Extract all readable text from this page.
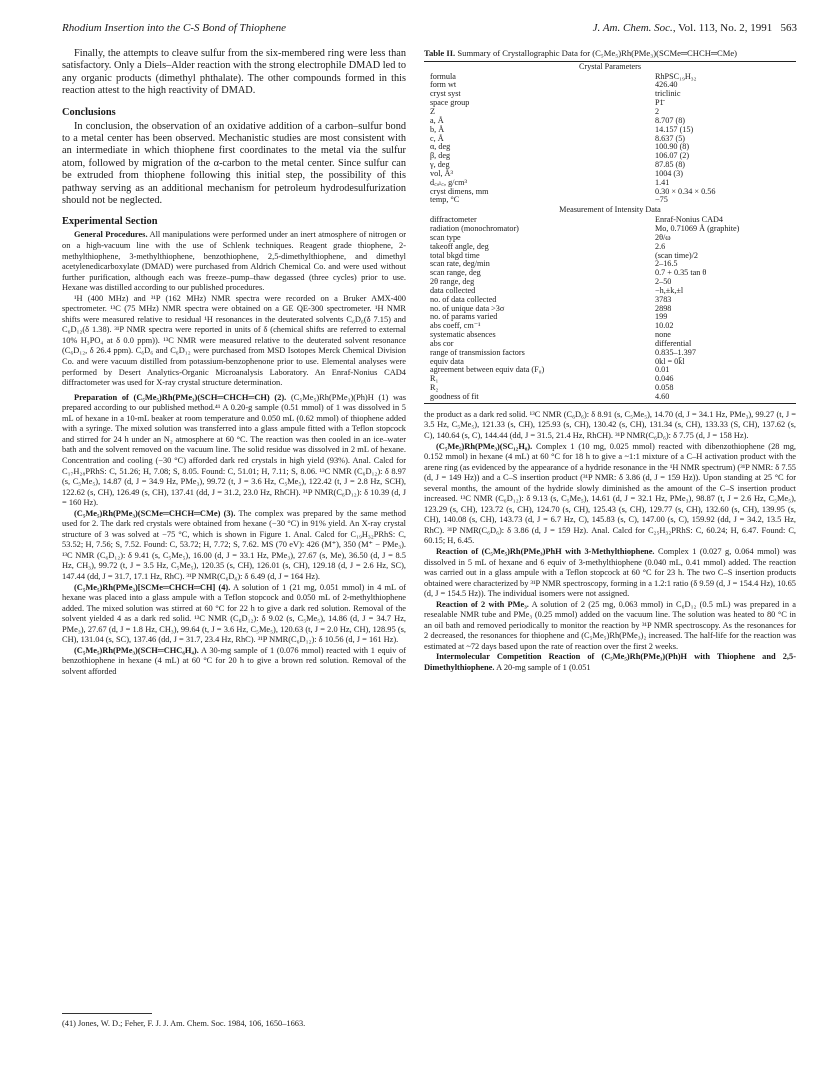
Rhodium Insertion into the C-S Bond of Thiophene	J. Am. Chem. Soc., Vol. 113, No. 2, 1991 563

Finally, the attempts to cleave sulfur from the six-membered ring were less than satisfactory. Only a Diels–Alder reaction with the strong electrophile DMAD led to any organic products (dimethyl phthalate). The other compounds formed in this reaction attest to the high reactivity of DMAD.

Conclusions

In conclusion, the observation of an oxidative addition of a carbon–sulfur bond to a metal center has been observed. Mechanistic studies are most consistent with an intermediate in which thiophene first coordinates to the metal via the sulfur atom, followed by migration of the α-carbon to the metal center. Since sulfur can be extruded from thiophene following this initial step, the possibility of this pathway serving as an additional mechanism for petroleum hydrodesulfurization should not be neglected.

Experimental Section

General Procedures. All manipulations were performed under an inert atmosphere of nitrogen or on a high-vacuum line with the use of Schlenk techniques. Reagent grade thiophene, 2-methylthiophene, 3-methylthiophene, benzothiophene, 2,5-dimethylthiophene, and dimethyl acetylenedicarboxylate (DMAD) were purchased from Aldrich Chemical Co. and were used without further purification, although each was freeze–pump–thaw degassed (three cycles) prior to use. Hexane was distilled according to our published procedures.

¹H (400 MHz) and ³¹P (162 MHz) NMR spectra were recorded on a Bruker AMX-400 spectrometer. ¹³C (75 MHz) NMR spectra were obtained on a GE QE-300 spectrometer. ¹H NMR shifts were measured relative to residual ¹H resonances in the deuterated solvents C₆D₆(δ 7.15) and C₆D₁₂(δ 1.38). ³¹P NMR spectra were reported in units of δ (chemical shifts are referred to external 10% H₃PO₄ at δ 0.0 ppm)). ¹³C NMR were measured relative to the deuterated solvent resonance (C₆D₁₂, δ 26.4 ppm). C₆D₆ and C₆D₁₂ were purchased from MSD Isotopes Merck Chemical Division Co. and were vacuum distilled from potassium-benzophenone prior to use. Elemental analyses were performed by Desert Analytics-Organic Microanalysis Laboratory. An Enraf-Nonius CAD4 diffractometer was used for X-ray crystal structure determination.

Preparation of (C₅Me₅)Rh(PMe₃)(SCH═CHCH═CH) (2). (C₅Me₅)Rh(PMe₃)(Ph)H (1) was prepared according to our published method.⁴¹ A 0.20-g sample (0.51 mmol) of 1 was dissolved in 5 mL of hexane in a 10-mL beaker at room temperature and 0.050 mL (0.62 mmol) of thiophene added with a syringe. The mixed solution was transferred into a glass ampule fitted with a Teflon stopcock and stirred for 24 h under an N₂ atmosphere at 60 °C. The reaction was then cooled in an ice–water bath and the solvent removed on the vacuum line. The solid residue was dissolved in 2 mL of hexane. Concentration and cooling (−30 °C) afforded dark red crystals in high yield (93%). Anal. Calcd for C₁₇H₂₈PRhS: C, 51.26; H, 7.08; S, 8.05. Found: C, 51.01; H, 7.11; S, 8.06. ¹³C NMR (C₆D₁₂): δ 8.97 (s, C₅Me₅), 14.87 (d, J = 34.9 Hz, PMe₃), 99.72 (t, J = 3.6 Hz, C₅Me₅), 122.42 (t, J = 2.8 Hz, SCH), 122.62 (s, CH), 126.49 (s, CH), 137.41 (dd, J = 31.2, 23.0 Hz, RhCH). ³¹P NMR(C₆D₁₂): δ 10.39 (d, J = 160 Hz).

(C₅Me₅)Rh(PMe₃)(SCMe═CHCH═CMe) (3). The complex was prepared by the same method used for 2. The dark red crystals were obtained from hexane (−30 °C) in 91% yield. An X-ray crystal structure of 3 was solved at −75 °C, which is shown in Figure 1. Anal. Calcd for C₁₉H₃₂PRhS: C, 53.52; H, 7.56; S, 7.52. Found: C, 53.72; H, 7.72; S, 7.62. MS (70 eV): 426 (M⁺), 350 (M⁺ − PMe₃). ¹³C NMR (C₆D₁₂): δ 9.41 (s, C₅Me₅), 16.00 (d, J = 33.1 Hz, PMe₃), 27.67 (s, Me), 36.50 (d, J = 8.5 Hz, CH₃), 99.72 (t, J = 3.5 Hz, C₅Me₅), 120.35 (s, CH), 126.01 (s, CH), 129.18 (d, J = 2.6 Hz, SC), 147.44 (dd, J = 31.7, 17.1 Hz, RhC). ³¹P NMR(C₆D₆): δ 6.49 (d, J = 164 Hz).

(C₅Me₅)Rh(PMe₃)[SCMe═CHCH═CH] (4). A solution of 1 (21 mg, 0.051 mmol) in 4 mL of hexane was placed into a glass ampule with a Teflon stopcock and 0.050 mL of 2-methylthiophene added. The mixed solution was stirred at 60 °C for 22 h to give a dark red solution. Removal of the solvent yielded 4 as a dark red solid. ¹³C NMR (C₆D₁₂): δ 9.02 (s, C₅Me₅), 14.86 (d, J = 34.7 Hz, PMe₃), 27.67 (d, J = 1.8 Hz, CH₃), 99.64 (t, J = 3.6 Hz, C₅Me₅), 120.63 (t, J = 2.0 Hz, CH), 128.95 (s, CH), 131.04 (s, SC), 137.46 (dd, J = 31.7, 23.4 Hz, RhC). ³¹P NMR(C₆D₁₂): δ 10.56 (d, J = 161 Hz).

(C₅Me₅)Rh(PMe₃)(SCH═CHC₆H₄). A 30-mg sample of 1 (0.076 mmol) reacted with 1 equiv of benzothiophene in hexane (4 mL) at 60 °C for 20 h to give a brown red solution. Removal of the solvent afforded

(41) Jones, W. D.; Feher, F. J. J. Am. Chem. Soc. 1984, 106, 1650–1663.

Table II. Summary of Crystallographic Data for (C₅Me₅)Rh(PMe₃)(SCMe═CHCH═CMe)

Crystal Parameters	
formula	RhPSC₁₉H₃₂
form wt	426.40
cryst syst	triclinic
space group	P1̄
Z	2
a, Å	8.707 (8)
b, Å	14.157 (15)
c, Å	8.637 (5)
α, deg	100.90 (8)
β, deg	106.07 (2)
γ, deg	87.85 (8)
vol, Å³	1004 (3)
d꜀ₐₗ꜀, g/cm³	1.41
cryst dimens, mm	0.30 × 0.34 × 0.56
temp, °C	−75
Measurement of Intensity Data	
diffractometer	Enraf-Nonius CAD4
radiation (monochromator)	Mo, 0.71069 Å (graphite)
scan type	2θ/ω
takeoff angle, deg	2.6
total bkgd time	(scan time)/2
scan rate, deg/min	2–16.5
scan range, deg	0.7 + 0.35 tan θ
2θ range, deg	2–50
data collected	−h,±k,±l
no. of data collected	3783
no. of unique data >3σ	2898
no. of params varied	199
abs coeff, cm⁻¹	10.02
systematic absences	none
abs cor	differential
range of transmission factors	0.835–1.397
equiv data	0kl = 0k̄l
agreement between equiv data (F₀)	0.01
R₁	0.046
R₂	0.058
goodness of fit	4.60

the product as a dark red solid. ¹³C NMR (C₆D₆): δ 8.91 (s, C₅Me₅), 14.70 (d, J = 34.1 Hz, PMe₃), 99.27 (t, J = 3.5 Hz, C₅Me₅), 121.33 (s, CH), 125.93 (s, CH), 130.42 (s, CH), 131.34 (s, CH), 133.33 (S, CH), 137.62 (s, C), 140.64 (s, C), 144.44 (dd, J = 31.5, 21.4 Hz, RhCH). ³¹P NMR(C₆D₆): δ 7.75 (d, J = 158 Hz).

(C₅Me₅)Rh(PMe₃)(SC₁₂H₈). Complex 1 (10 mg, 0.025 mmol) reacted with dibenzothiophene (28 mg, 0.152 mmol) in hexane (4 mL) at 60 °C for 18 h to give a ~1:1 mixture of a C–H activation product with the arene ring (as evidenced by the appearance of a hydride resonance in the ¹H NMR spectrum) (³¹P NMR: δ 7.55 (d, J = 149 Hz)) and a C–S insertion product (³¹P NMR: δ 3.86 (d, J = 159 Hz)). Upon standing at 25 °C for several months, the amount of the hydride slowly diminished as the amount of the C–S insertion product increased. ¹³C NMR (C₆D₁₂): δ 9.13 (s, C₅Me₅), 14.61 (d, J = 32.1 Hz, PMe₃), 98.87 (t, J = 2.6 Hz, C₅Me₅), 123.29 (s, CH), 123.72 (s, CH), 124.70 (s, CH), 125.43 (s, CH), 129.77 (s, CH), 132.60 (s, CH), 139.95 (s, CH), 140.08 (s, CH), 143.73 (d, J = 6.7 Hz, C), 145.83 (s, C), 147.00 (s, C), 159.92 (dd, J = 34.2, 13.5 Hz, RhC). ³¹P NMR(C₆D₆): δ 3.86 (d, J = 159 Hz). Anal. Calcd for C₂₅H₃₂PRhS: C, 60.24; H, 6.47. Found: C, 60.15; H, 6.45.

Reaction of (C₅Me₅)Rh(PMe₃)PhH with 3-Methylthiophene. Complex 1 (0.027 g, 0.064 mmol) was dissolved in 5 mL of hexane and 6 equiv of 3-methylthiophene (0.040 mL, 0.41 mmol) added. The reaction was carried out in a glass ampule with a Teflon stopcock at 60 °C for 23 h. The two C–S insertion products obtained were characterized by ³¹P NMR spectroscopy, forming in a 1.2:1 ratio (δ 9.59 (d, J = 154.4 Hz), 10.65 (d, J = 154.5 Hz)). The individual isomers were not assigned.

Reaction of 2 with PMe₃. A solution of 2 (25 mg, 0.063 mmol) in C₆D₁₂ (0.5 mL) was prepared in a resealable NMR tube and PMe₃ (0.25 mmol) added on the vacuum line. The solution was heated to 80 °C in an oil bath and removed periodically to monitor the reaction by ³¹P NMR spectroscopy. As the resonances for 2 decreased, the resonances for thiophene and (C₅Me₅)Rh(PMe₃)₂ increased. The half-life for the reaction was estimated at ~72 days based upon the rate of reaction over the first 2 weeks.

Intermolecular Competition Reaction of (C₅Me₅)Rh(PMe₃)(Ph)H with Thiophene and 2,5-Dimethylthiophene. A 20-mg sample of 1 (0.051
